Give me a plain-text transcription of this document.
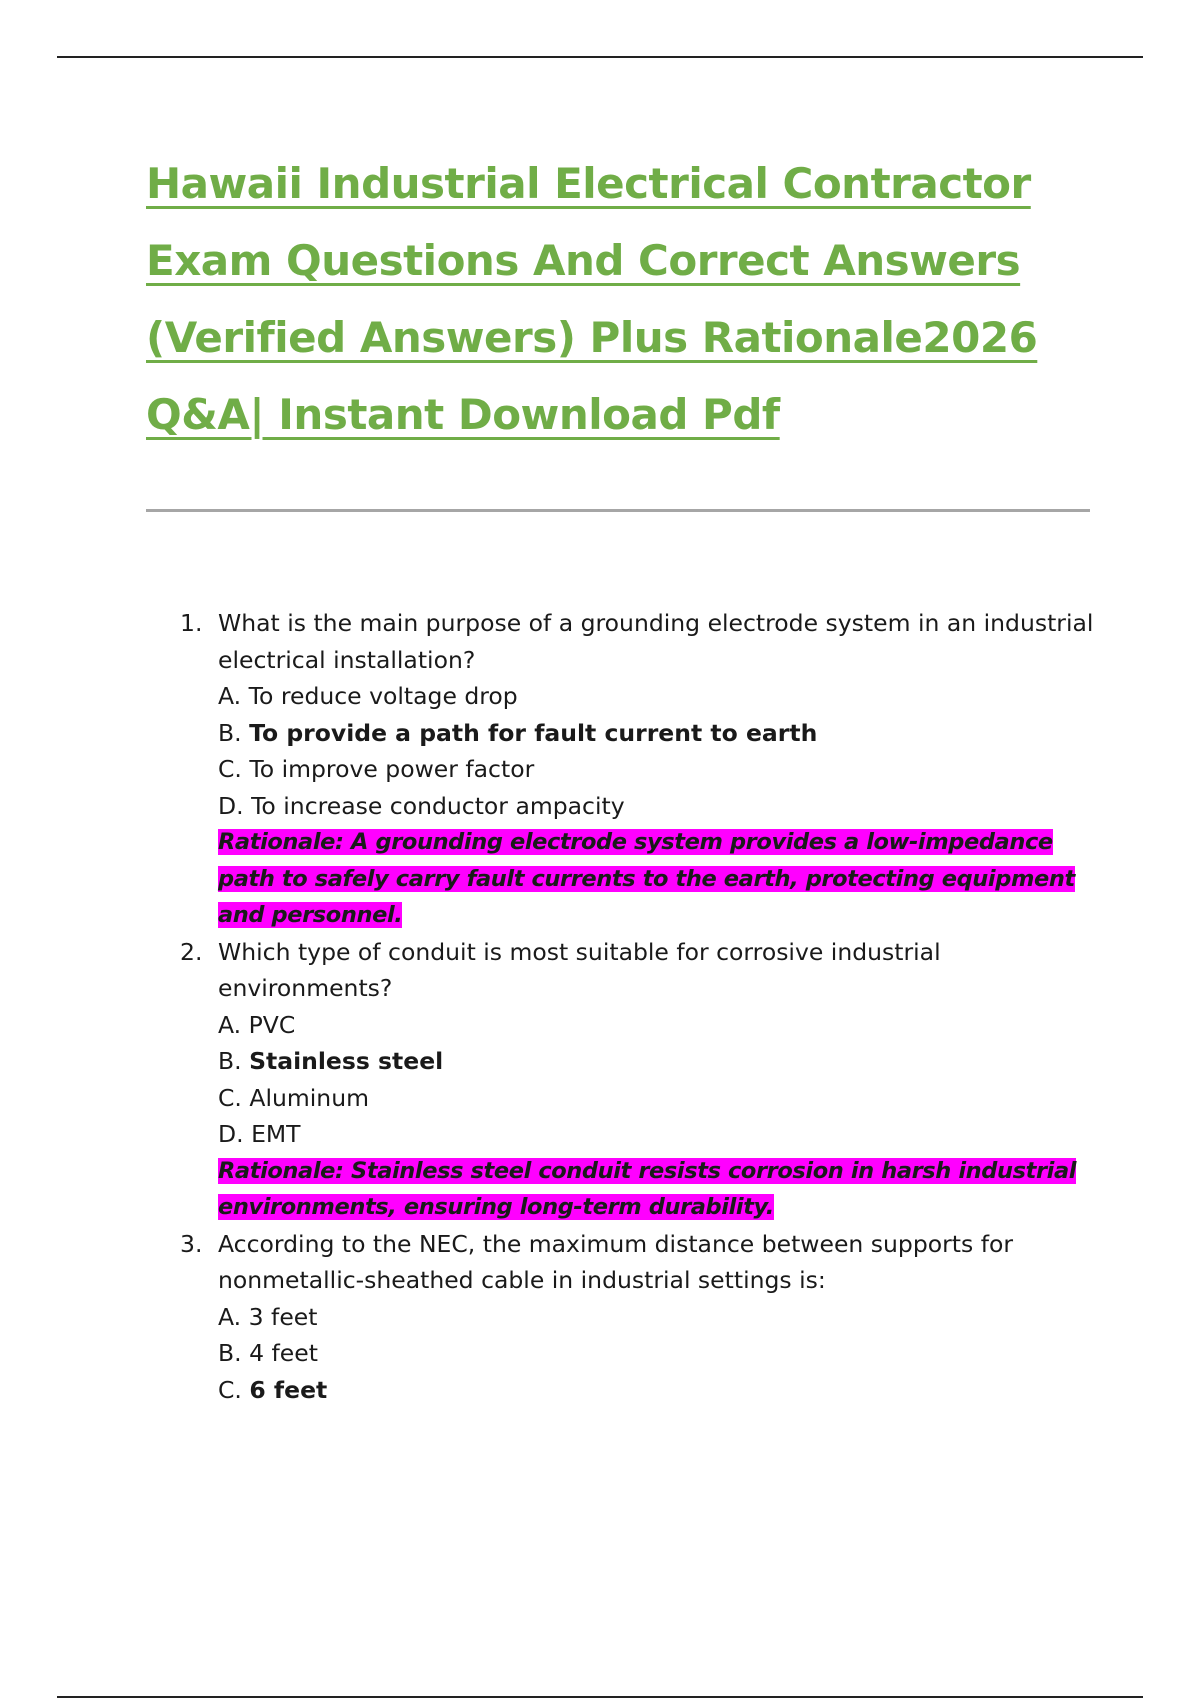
Hawaii Industrial Electrical Contractor
Exam Questions And Correct Answers
(Verified Answers) Plus Rationale2026
Q&A| Instant Download Pdf
1. What is the main purpose of a grounding electrode system in an industrial electrical installation?
A. To reduce voltage drop
B. To provide a path for fault current to earth
C. To improve power factor
D. To increase conductor ampacity
Rationale: A grounding electrode system provides a low-impedance path to safely carry fault currents to the earth, protecting equipment and personnel.
2. Which type of conduit is most suitable for corrosive industrial environments?
A. PVC
B. Stainless steel
C. Aluminum
D. EMT
Rationale: Stainless steel conduit resists corrosion in harsh industrial environments, ensuring long-term durability.
3. According to the NEC, the maximum distance between supports for nonmetallic-sheathed cable in industrial settings is:
A. 3 feet
B. 4 feet
C. 6 feet
